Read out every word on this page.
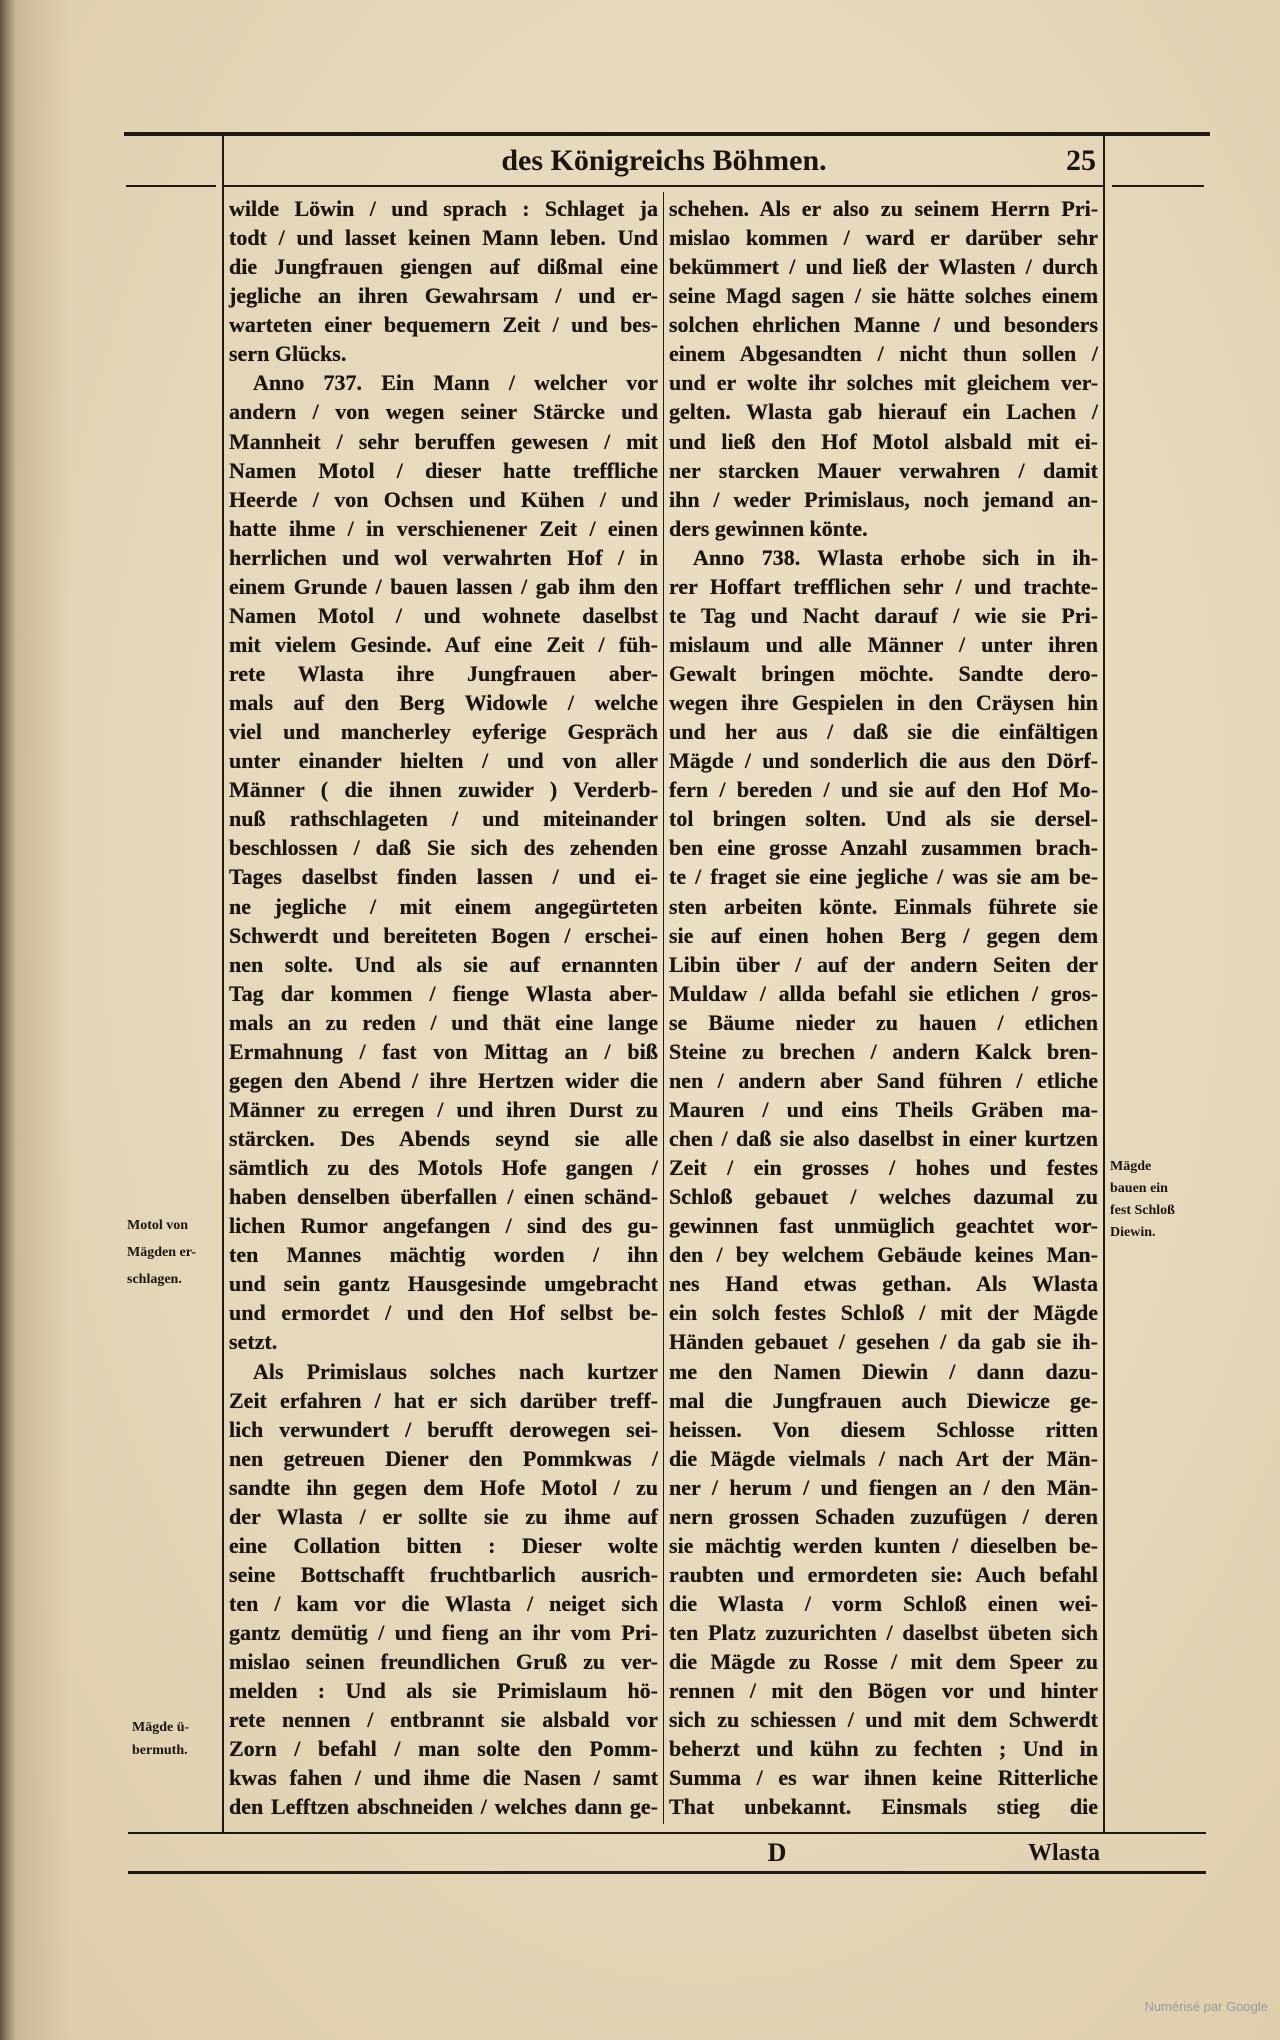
des Königreichs Böhmen.	25
wilde Löwin / und sprach : Schlaget ja
todt / und lasset keinen Mann leben. Und
die Jungfrauen giengen auf dißmal eine
jegliche an ihren Gewahrsam / und er-
warteten einer bequemern Zeit / und bes-
sern Glücks.
Anno 737. Ein Mann / welcher vor
andern / von wegen seiner Stärcke und
Mannheit / sehr beruffen gewesen / mit
Namen Motol / dieser hatte treffliche
Heerde / von Ochsen und Kühen / und
hatte ihme / in verschienener Zeit / einen
herrlichen und wol verwahrten Hof / in
einem Grunde / bauen lassen / gab ihm den
Namen Motol / und wohnete daselbst
mit vielem Gesinde. Auf eine Zeit / füh-
rete Wlasta ihre Jungfrauen aber-
mals auf den Berg Widowle / welche
viel und mancherley eyferige Gespräch
unter einander hielten / und von aller
Männer ( die ihnen zuwider ) Verderb-
nuß rathschlageten / und miteinander
beschlossen / daß Sie sich des zehenden
Tages daselbst finden lassen / und ei-
ne jegliche / mit einem angegürteten
Schwerdt und bereiteten Bogen / erschei-
nen solte. Und als sie auf ernannten
Tag dar kommen / fienge Wlasta aber-
mals an zu reden / und thät eine lange
Ermahnung / fast von Mittag an / biß
gegen den Abend / ihre Hertzen wider die
Männer zu erregen / und ihren Durst zu
stärcken. Des Abends seynd sie alle
sämtlich zu des Motols Hofe gangen /
haben denselben überfallen / einen schänd-
lichen Rumor angefangen / sind des gu-
ten Mannes mächtig worden / ihn
und sein gantz Hausgesinde umgebracht
und ermordet / und den Hof selbst be-
setzt.
Als Primislaus solches nach kurtzer
Zeit erfahren / hat er sich darüber treff-
lich verwundert / berufft derowegen sei-
nen getreuen Diener den Pommkwas /
sandte ihn gegen dem Hofe Motol / zu
der Wlasta / er sollte sie zu ihme auf
eine Collation bitten : Dieser wolte
seine Bottschafft fruchtbarlich ausrich-
ten / kam vor die Wlasta / neiget sich
gantz demütig / und fieng an ihr vom Pri-
mislao seinen freundlichen Gruß zu ver-
melden : Und als sie Primislaum hö-
rete nennen / entbrannt sie alsbald vor
Zorn / befahl / man solte den Pomm-
kwas fahen / und ihme die Nasen / samt
den Lefftzen abschneiden / welches dann ge-
schehen. Als er also zu seinem Herrn Pri-
mislao kommen / ward er darüber sehr
bekümmert / und ließ der Wlasten / durch
seine Magd sagen / sie hätte solches einem
solchen ehrlichen Manne / und besonders
einem Abgesandten / nicht thun sollen /
und er wolte ihr solches mit gleichem ver-
gelten. Wlasta gab hierauf ein Lachen /
und ließ den Hof Motol alsbald mit ei-
ner starcken Mauer verwahren / damit
ihn / weder Primislaus, noch jemand an-
ders gewinnen könte.
Anno 738. Wlasta erhobe sich in ih-
rer Hoffart trefflichen sehr / und trachte-
te Tag und Nacht darauf / wie sie Pri-
mislaum und alle Männer / unter ihren
Gewalt bringen möchte. Sandte dero-
wegen ihre Gespielen in den Cräysen hin
und her aus / daß sie die einfältigen
Mägde / und sonderlich die aus den Dörf-
fern / bereden / und sie auf den Hof Mo-
tol bringen solten. Und als sie dersel-
ben eine grosse Anzahl zusammen brach-
te / fraget sie eine jegliche / was sie am be-
sten arbeiten könte. Einmals führete sie
sie auf einen hohen Berg / gegen dem
Libin über / auf der andern Seiten der
Muldaw / allda befahl sie etlichen / gros-
se Bäume nieder zu hauen / etlichen
Steine zu brechen / andern Kalck bren-
nen / andern aber Sand führen / etliche
Mauren / und eins Theils Gräben ma-
chen / daß sie also daselbst in einer kurtzen
Zeit / ein grosses / hohes und festes
Schloß gebauet / welches dazumal zu
gewinnen fast unmüglich geachtet wor-
den / bey welchem Gebäude keines Man-
nes Hand etwas gethan. Als Wlasta
ein solch festes Schloß / mit der Mägde
Händen gebauet / gesehen / da gab sie ih-
me den Namen Diewin / dann dazu-
mal die Jungfrauen auch Diewicze ge-
heissen. Von diesem Schlosse ritten
die Mägde vielmals / nach Art der Män-
ner / herum / und fiengen an / den Män-
nern grossen Schaden zuzufügen / deren
sie mächtig werden kunten / dieselben be-
raubten und ermordeten sie: Auch befahl
die Wlasta / vorm Schloß einen wei-
ten Platz zuzurichten / daselbst übeten sich
die Mägde zu Rosse / mit dem Speer zu
rennen / mit den Bögen vor und hinter
sich zu schiessen / und mit dem Schwerdt
beherzt und kühn zu fechten ; Und in
Summa / es war ihnen keine Ritterliche
That unbekannt. Einsmals stieg die
Motol von
Mägden er-
schlagen.
Mägde ü-
bermuth.
Mägde
bauen ein
fest Schloß
Diewin.
D	Wlasta
Numérisé par Google
